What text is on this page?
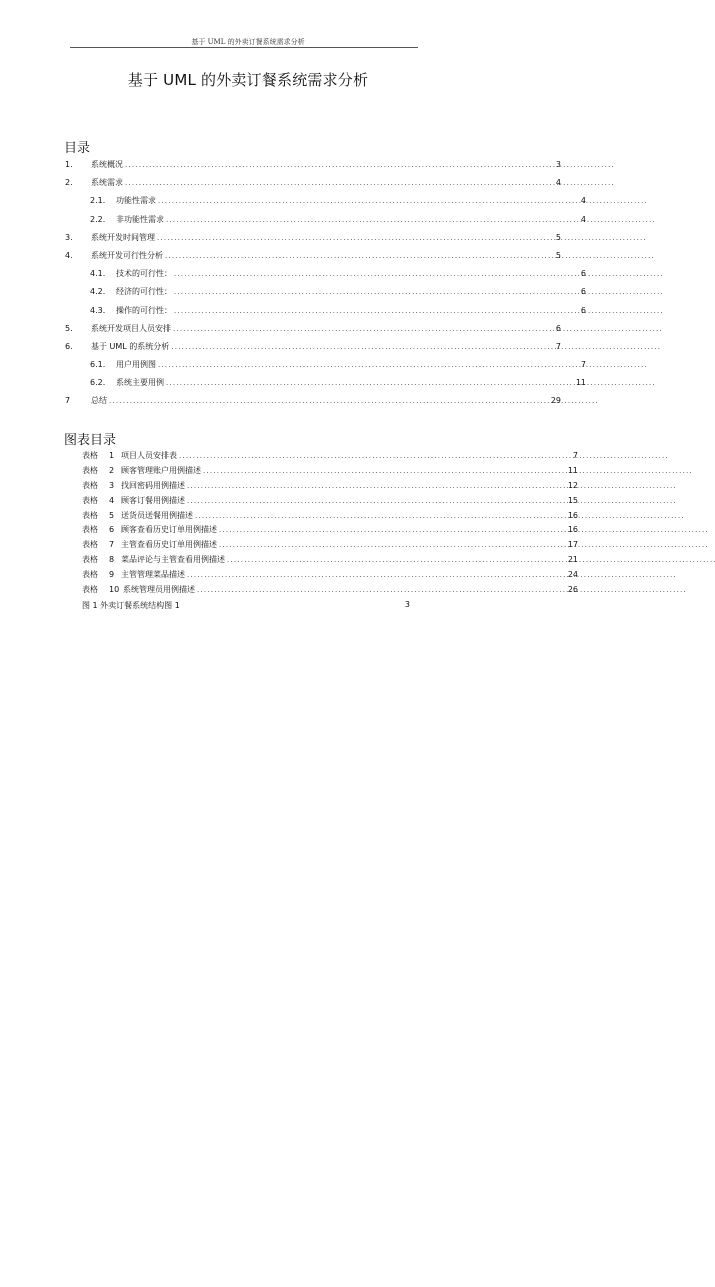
基于 UML 的外卖订餐系统需求分析
基于 UML 的外卖订餐系统需求分析
目录
1.	系统概况 . . .	3
2.	系统需求 . . .	4
2.1.	功能性需求 . . .	4
2.2.	非功能性需求 . . .	4
3.	系统开发时间管理 . . .	5
4.	系统开发可行性分析 . . .	5
4.1.	技术的可行性： . . .	6
4.2.	经济的可行性： . . .	6
4.3.	操作的可行性： . . .	6
5.	系统开发项目人员安排 . . .	6
6.	基于 UML 的系统分析 . . .	7
6.1.	用户用例图 . . .	7
6.2.	系统主要用例 . . .	11
7	总结 . . .	29
图表目录
表格	1 项目人员安排表 . . .	7
表格	2 顾客管理账户用例描述 . . .	11
表格	3 找回密码用例描述 . . .	12
表格	4 顾客订餐用例描述 . . .	15
表格	5 送货员送餐用例描述 . . .	16
表格	6 顾客查看历史订单用例描述 . . .	16
表格	7 主管查看历史订单用例描述 . . .	17
表格	8 菜品评论与主管查看用例描述 . . .	21
表格	9 主管管理菜品描述 . . .	24
表格	10 系统管理员用例描述 . . .	26
图 1 外卖订餐系统结构图 1	3
